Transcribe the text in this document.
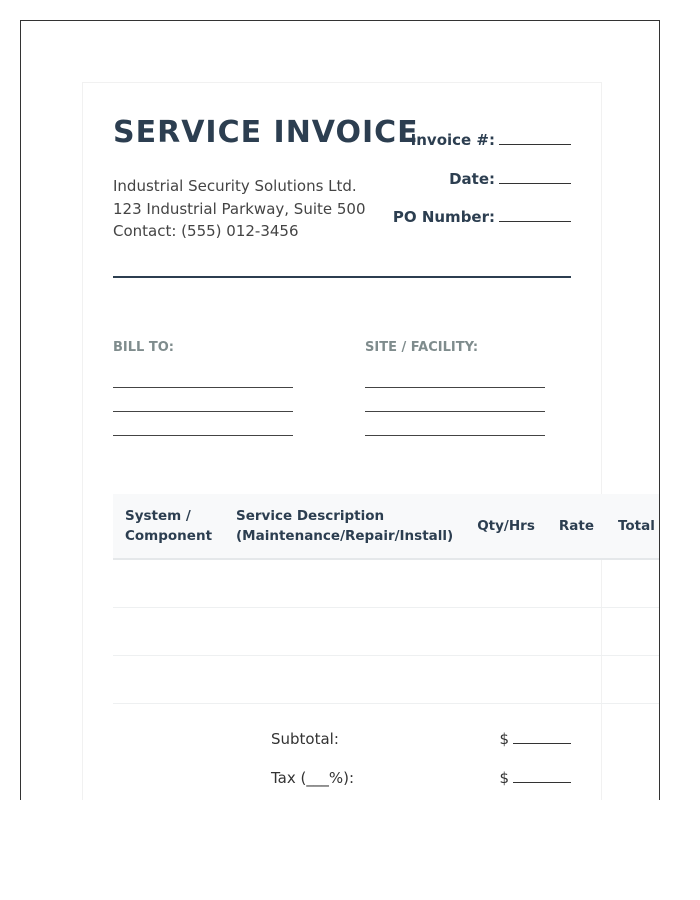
SERVICE INVOICE
Industrial Security Solutions Ltd.
123 Industrial Parkway, Suite 500
Contact: (555) 012-3456
Invoice #:
Date:
PO Number:
BILL TO:	SITE / FACILITY:
System / Component	Service Description (Maintenance/Repair/Install)	Qty/Hrs	Rate	Total

Subtotal:	$
Tax (___%):	$
